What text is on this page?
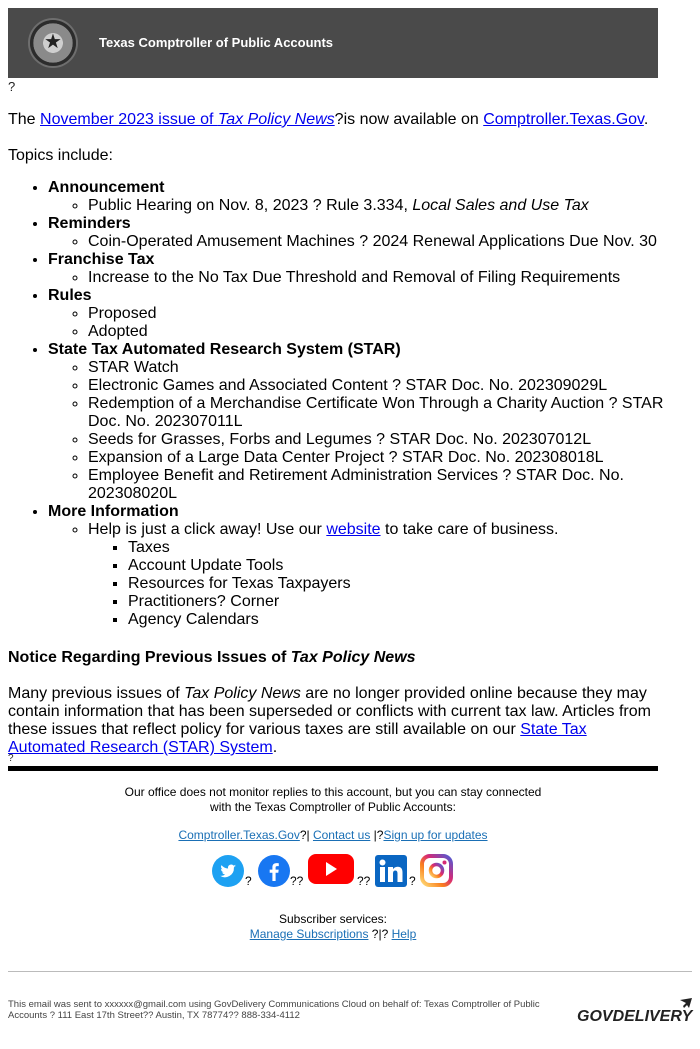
★	Texas Comptroller of Public Accounts
?
The November 2023 issue of Tax Policy News?is now available on Comptroller.Texas.Gov.
Topics include:
• Announcement
◦ Public Hearing on Nov. 8, 2023 ? Rule 3.334, Local Sales and Use Tax
• Reminders
◦ Coin-Operated Amusement Machines ? 2024 Renewal Applications Due Nov. 30
• Franchise Tax
◦ Increase to the No Tax Due Threshold and Removal of Filing Requirements
• Rules
◦ Proposed
◦ Adopted
• State Tax Automated Research System (STAR)
◦ STAR Watch
◦ Electronic Games and Associated Content ? STAR Doc. No. 202309029L
◦ Redemption of a Merchandise Certificate Won Through a Charity Auction ? STAR Doc. No. 202307011L
◦ Seeds for Grasses, Forbs and Legumes ? STAR Doc. No. 202307012L
◦ Expansion of a Large Data Center Project ? STAR Doc. No. 202308018L
◦ Employee Benefit and Retirement Administration Services ? STAR Doc. No. 202308020L
• More Information
◦ Help is just a click away! Use our website to take care of business.
▪ Taxes
▪ Account Update Tools
▪ Resources for Texas Taxpayers
▪ Practitioners? Corner
▪ Agency Calendars
Notice Regarding Previous Issues of Tax Policy News
Many previous issues of Tax Policy News are no longer provided online because they may contain information that has been superseded or conflicts with current tax law. Articles from these issues that reflect policy for various taxes are still available on our State Tax Automated Research (STAR) System.
?
Our office does not monitor replies to this account, but you can stay connected
with the Texas Comptroller of Public Accounts:
Comptroller.Texas.Gov?| Contact us |?Sign up for updates
?	??	??	?
Subscriber services:
Manage Subscriptions ?|? Help
This email was sent to xxxxxx@gmail.com using GovDelivery Communications Cloud on behalf of: Texas Comptroller of Public Accounts ? 111 East 17th Street?? Austin, TX 78774?? 888-334-4112	GOVDELIVERY
